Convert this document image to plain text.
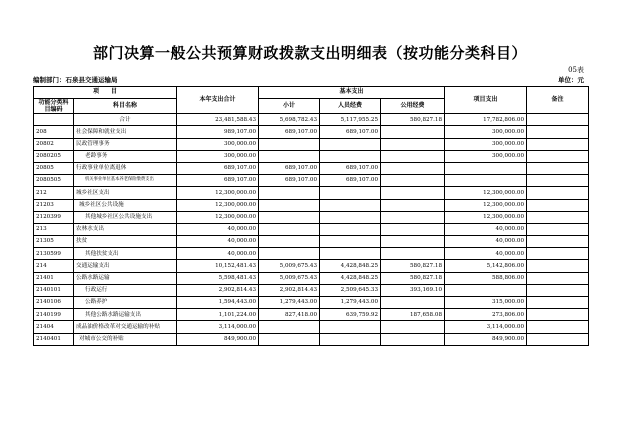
部门决算一般公共预算财政拨款支出明细表（按功能分类科目）
05表
编制部门：石泉县交通运输局	单位：元
项　　目		本年支出合计	基本支出			项目支出	备注
功能分类科目编码	科目名称		小计	人员经费	公用经费		

	合计	23,481,588.43	5,698,782.43	5,117,955.25	580,827.18	17,782,806.00	
208	社会保障和就业支出	989,107.00	689,107.00	689,107.00		300,000.00	
20802	民政管理事务	300,000.00				300,000.00	
2080205	老龄事务	300,000.00				300,000.00	
20805	行政事业单位离退休	689,107.00	689,107.00	689,107.00			
2080505	机关事业单位基本养老保险缴费支出	689,107.00	689,107.00	689,107.00			
212	城乡社区支出	12,300,000.00				12,300,000.00	
21203	城乡社区公共设施	12,300,000.00				12,300,000.00	
2120399	其他城乡社区公共设施支出	12,300,000.00				12,300,000.00	
213	农林水支出	40,000.00				40,000.00	
21305	扶贫	40,000.00				40,000.00	
2130599	其他扶贫支出	40,000.00				40,000.00	
214	交通运输支出	10,152,481.43	5,009,675.43	4,428,848.25	580,827.18	5,142,806.00	
21401	公路水路运输	5,598,481.43	5,009,675.43	4,428,848.25	580,827.18	588,806.00	
2140101	行政运行	2,902,814.43	2,902,814.43	2,509,645.33	393,169.10		
2140106	公路养护	1,594,443.00	1,279,443.00	1,279,443.00		315,000.00	
2140199	其他公路水路运输支出	1,101,224.00	827,418.00	639,759.92	187,658.08	273,806.00	
21404	成品油价格改革对交通运输的补贴	3,114,000.00				3,114,000.00	
2140401	对城市公交的补贴	849,900.00				849,900.00	
